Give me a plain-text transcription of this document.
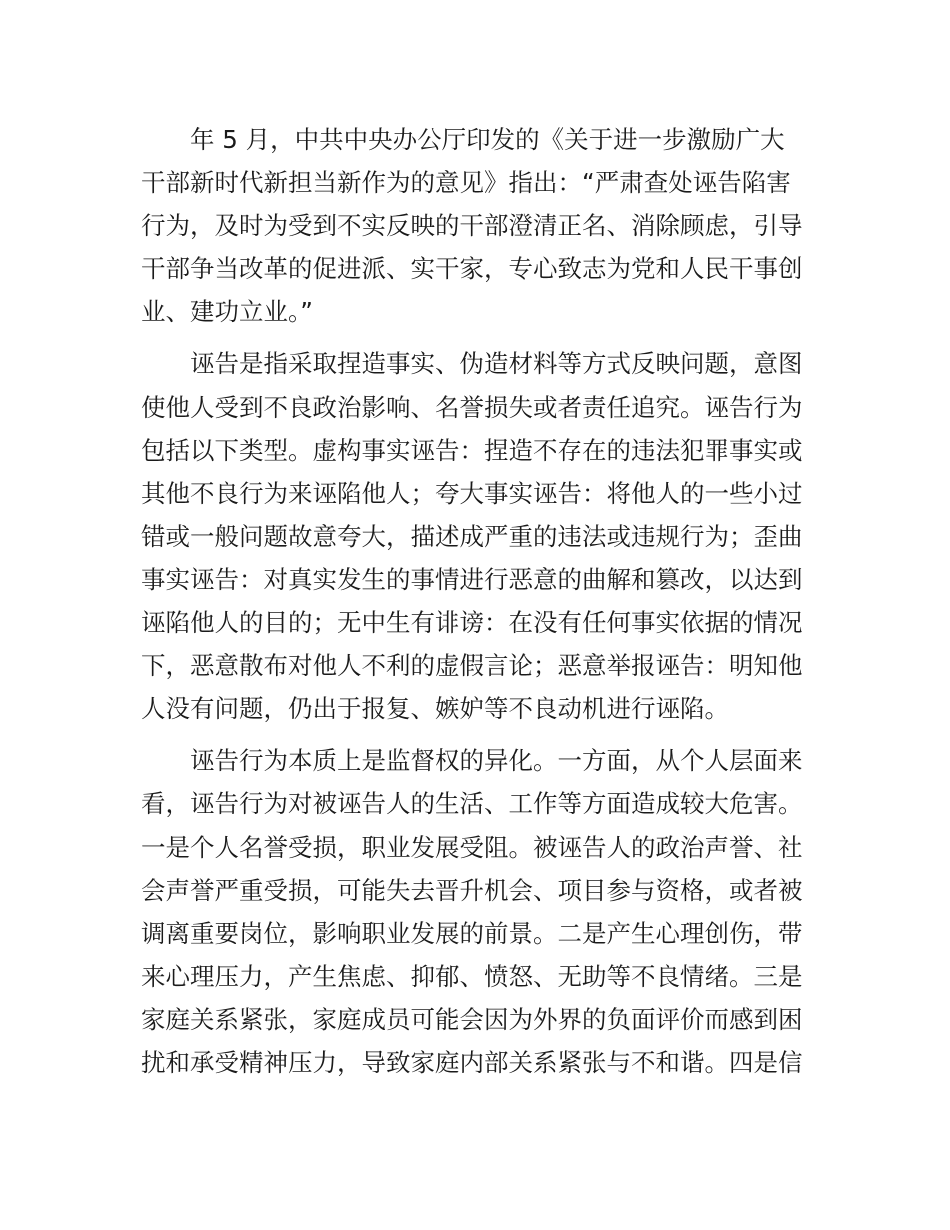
年 5 月，中共中央办公厅印发的《关于进一步激励广大
干部新时代新担当新作为的意见》指出：“严肃查处诬告陷害
行为，及时为受到不实反映的干部澄清正名、消除顾虑，引导
干部争当改革的促进派、实干家，专心致志为党和人民干事创
业、建功立业。”
诬告是指采取捏造事实、伪造材料等方式反映问题，意图
使他人受到不良政治影响、名誉损失或者责任追究。诬告行为
包括以下类型。虚构事实诬告：捏造不存在的违法犯罪事实或
其他不良行为来诬陷他人；夸大事实诬告：将他人的一些小过
错或一般问题故意夸大，描述成严重的违法或违规行为；歪曲
事实诬告：对真实发生的事情进行恶意的曲解和篡改，以达到
诬陷他人的目的；无中生有诽谤：在没有任何事实依据的情况
下，恶意散布对他人不利的虚假言论；恶意举报诬告：明知他
人没有问题，仍出于报复、嫉妒等不良动机进行诬陷。
诬告行为本质上是监督权的异化。一方面，从个人层面来
看，诬告行为对被诬告人的生活、工作等方面造成较大危害。
一是个人名誉受损，职业发展受阻。被诬告人的政治声誉、社
会声誉严重受损，可能失去晋升机会、项目参与资格，或者被
调离重要岗位，影响职业发展的前景。二是产生心理创伤，带
来心理压力，产生焦虑、抑郁、愤怒、无助等不良情绪。三是
家庭关系紧张，家庭成员可能会因为外界的负面评价而感到困
扰和承受精神压力，导致家庭内部关系紧张与不和谐。四是信
